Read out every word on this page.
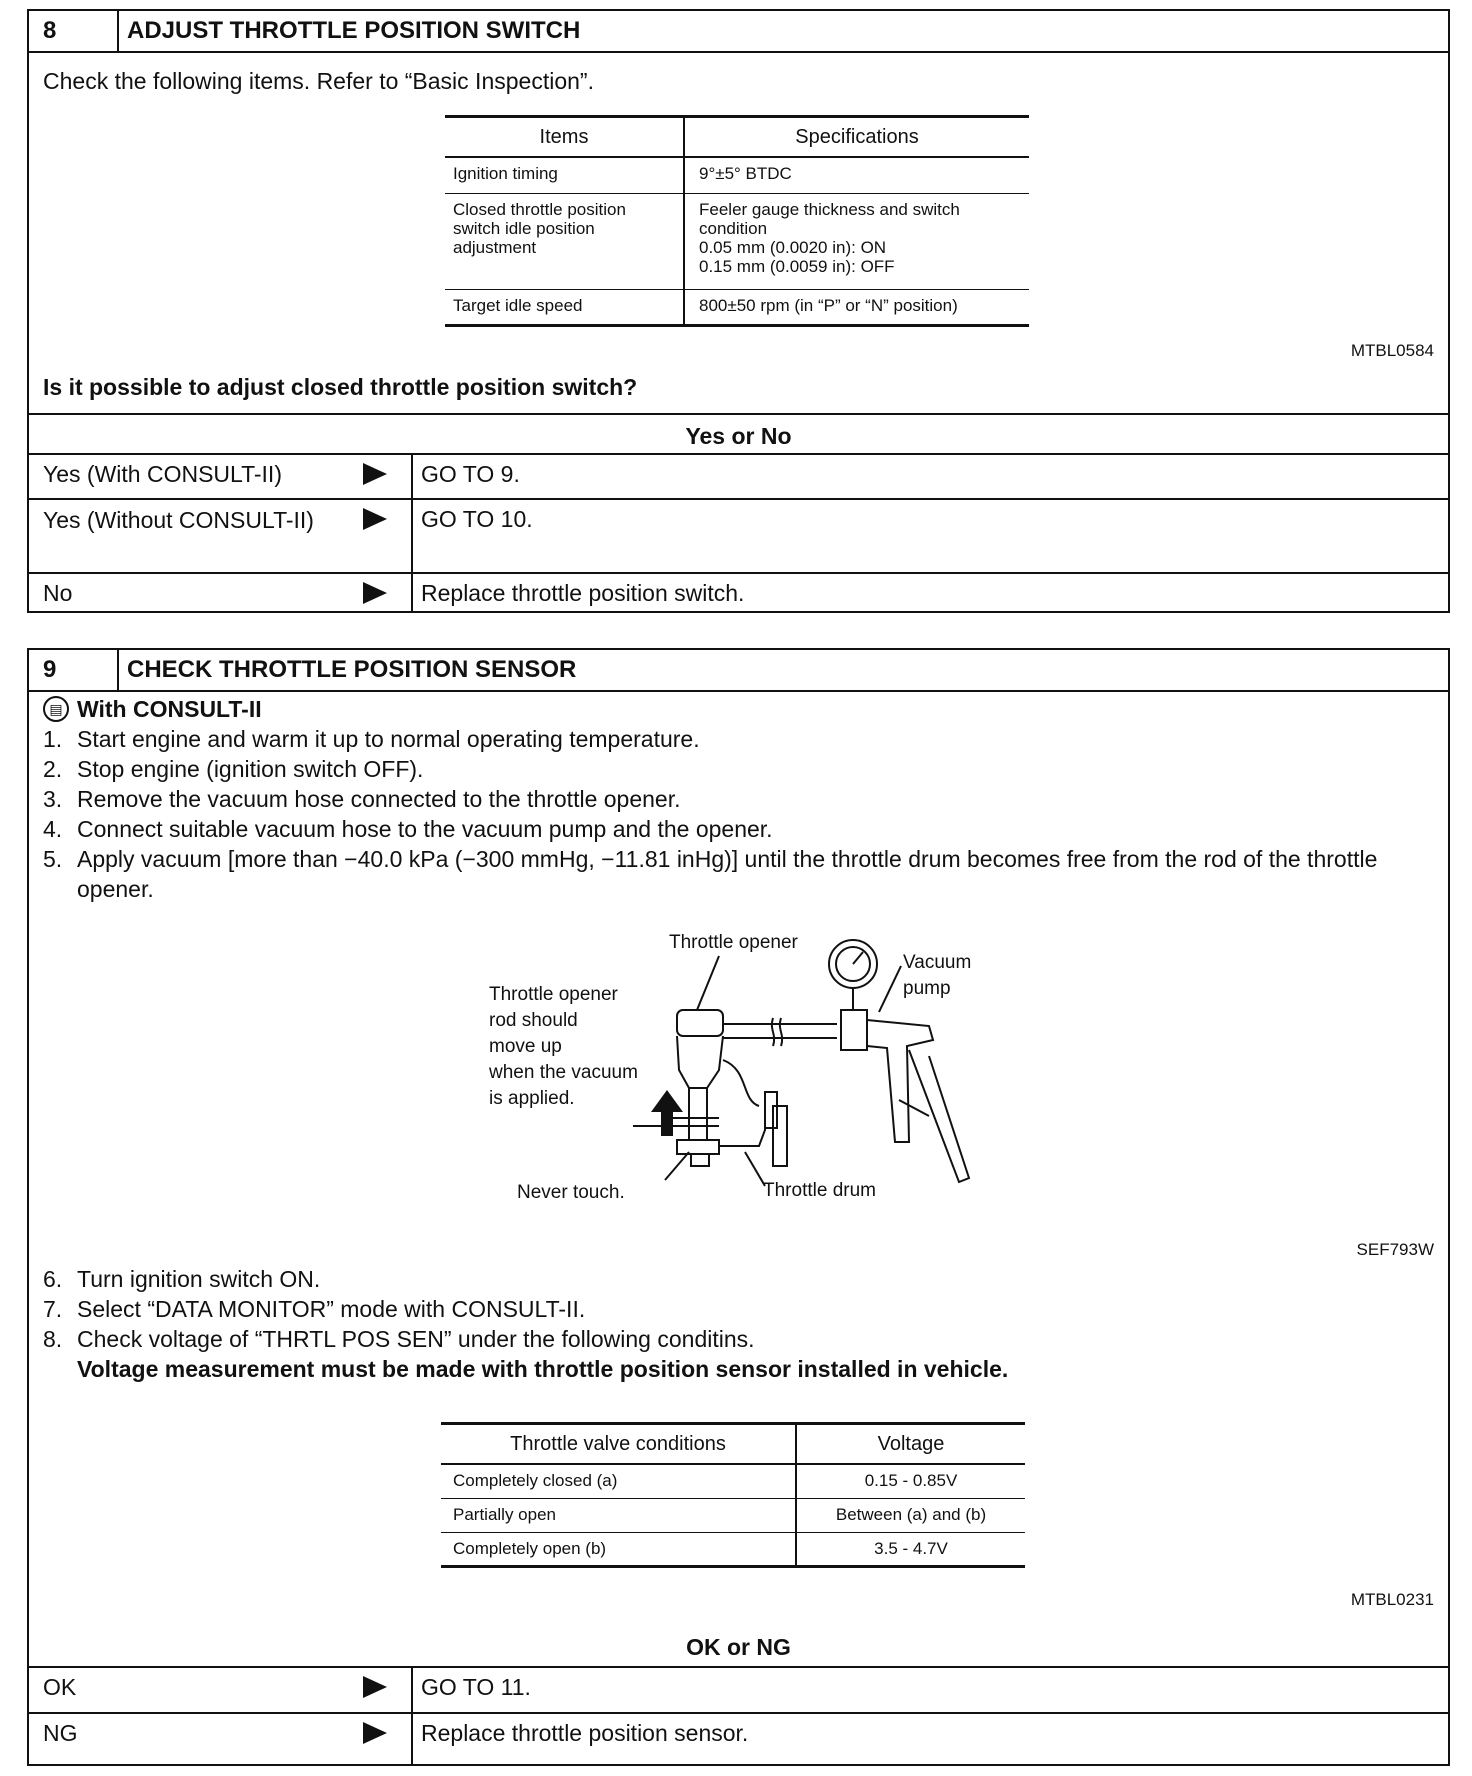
8	ADJUST THROTTLE POSITION SWITCH
Check the following items. Refer to “Basic Inspection”.
Items	Specifications
Ignition timing	9°±5° BTDC
Closed throttle position switch idle position adjustment	Feeler gauge thickness and switch condition
0.05 mm (0.0020 in): ON
0.15 mm (0.0059 in): OFF
Target idle speed	800±50 rpm (in “P” or “N” position)
MTBL0584
Is it possible to adjust closed throttle position switch?
Yes or No
Yes (With CONSULT-II)	GO TO 9.
Yes (Without CONSULT-II)	GO TO 10.
No	Replace throttle position switch.
9	CHECK THROTTLE POSITION SENSOR
▤ With CONSULT-II
1. Start engine and warm it up to normal operating temperature.
2. Stop engine (ignition switch OFF).
3. Remove the vacuum hose connected to the throttle opener.
4. Connect suitable vacuum hose to the vacuum pump and the opener.
5. Apply vacuum [more than −40.0 kPa (−300 mmHg, −11.81 inHg)] until the throttle drum becomes free from the rod of the throttle opener.
Throttle opener
Vacuum
pump
Throttle opener
rod should
move up
when the vacuum
is applied.
Never touch.	Throttle drum
SEF793W
6. Turn ignition switch ON.
7. Select “DATA MONITOR” mode with CONSULT-II.
8. Check voltage of “THRTL POS SEN” under the following conditins.
Voltage measurement must be made with throttle position sensor installed in vehicle.
Throttle valve conditions	Voltage
Completely closed (a)	0.15 - 0.85V
Partially open	Between (a) and (b)
Completely open (b)	3.5 - 4.7V
MTBL0231
OK or NG
OK	GO TO 11.
NG	Replace throttle position sensor.
